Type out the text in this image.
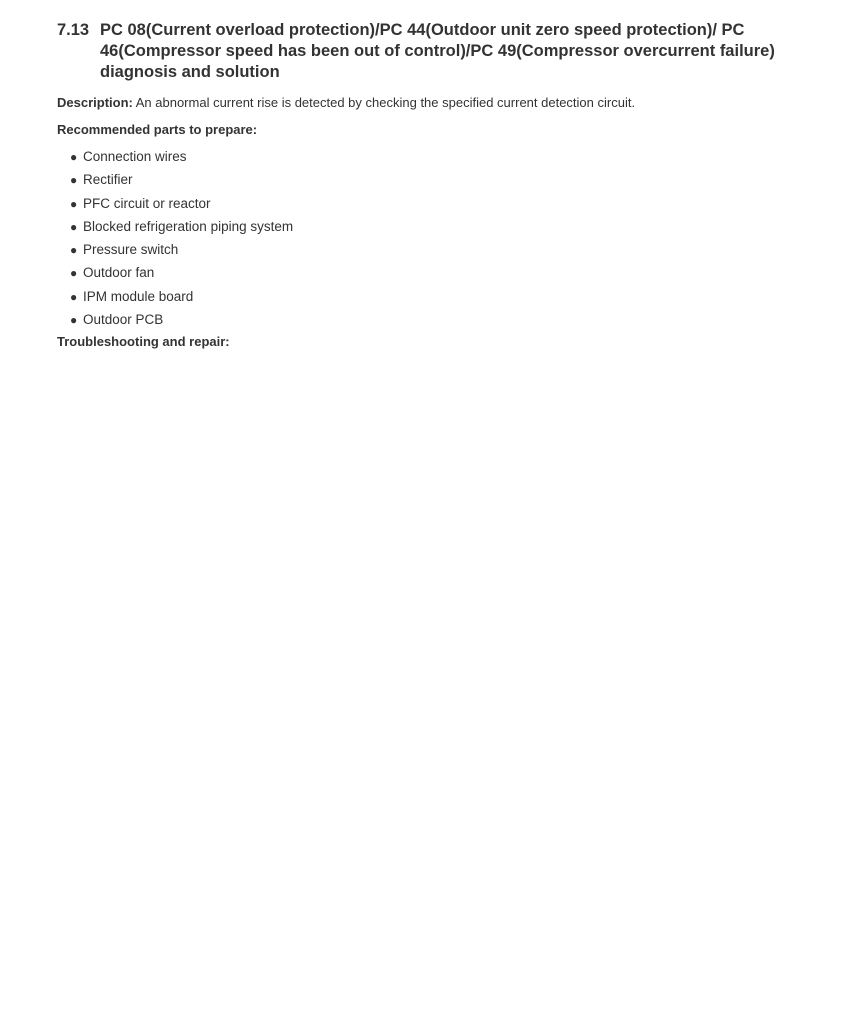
7.13 PC 08(Current overload protection)/PC 44(Outdoor unit zero speed protection)/ PC 46(Compressor speed has been out of control)/PC 49(Compressor overcurrent failure) diagnosis and solution
Description: An abnormal current rise is detected by checking the specified current detection circuit.
Recommended parts to prepare:
● Connection wires
● Rectifier
● PFC circuit or reactor
● Blocked refrigeration piping system
● Pressure switch
● Outdoor fan
● IPM module board
● Outdoor PCB
Troubleshooting and repair:
